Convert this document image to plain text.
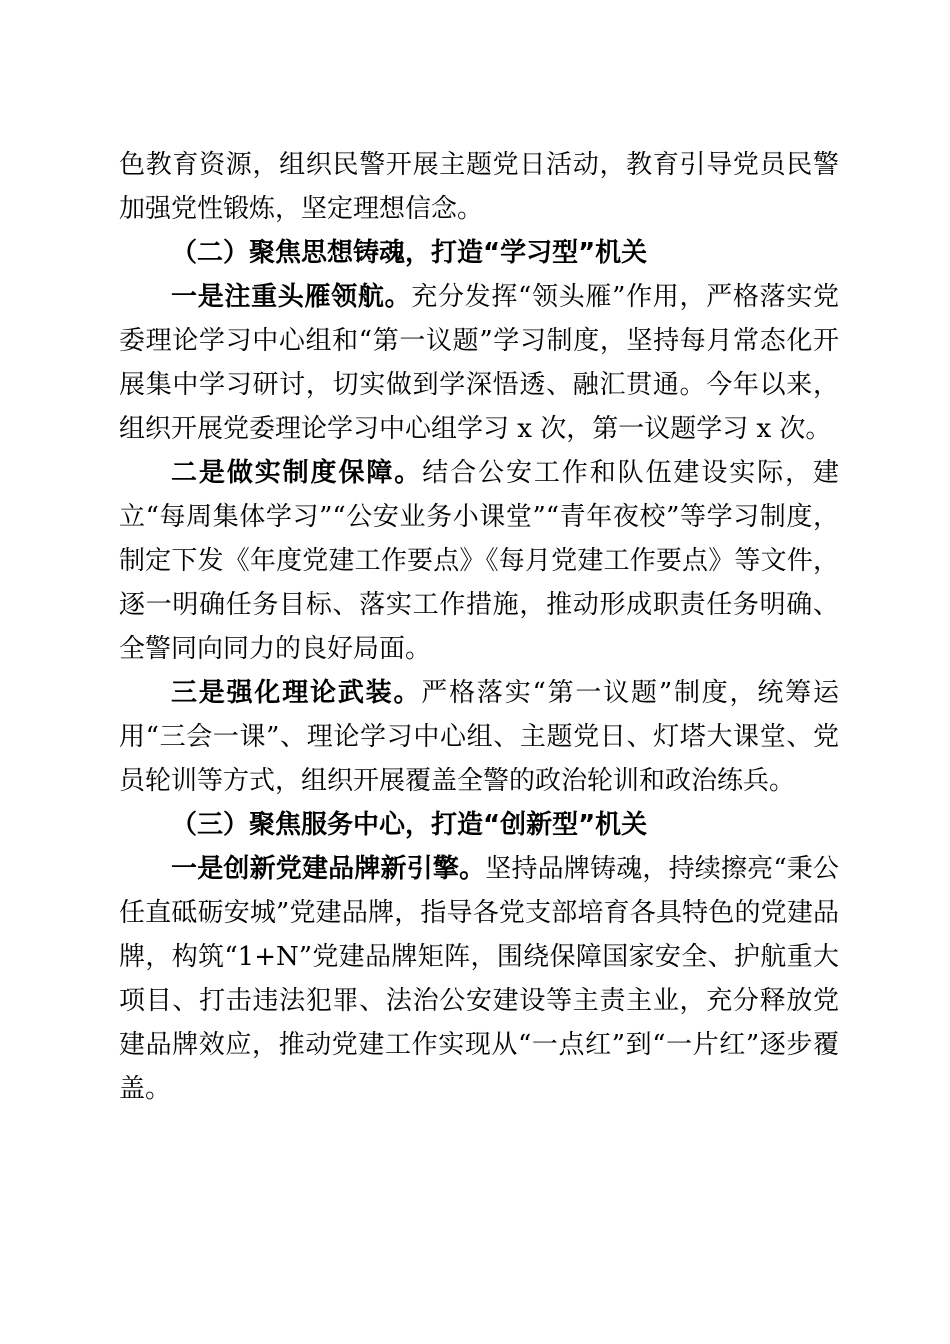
色教育资源，组织民警开展主题党日活动，教育引导党员民警加强党性锻炼，坚定理想信念。

（二）聚焦思想铸魂，打造“学习型”机关

一是注重头雁领航。充分发挥“领头雁”作用，严格落实党委理论学习中心组和“第一议题”学习制度，坚持每月常态化开展集中学习研讨，切实做到学深悟透、融汇贯通。今年以来，组织开展党委理论学习中心组学习 x 次，第一议题学习 x 次。

二是做实制度保障。结合公安工作和队伍建设实际，建立“每周集体学习”“公安业务小课堂”“青年夜校”等学习制度，制定下发《年度党建工作要点》《每月党建工作要点》等文件，逐一明确任务目标、落实工作措施，推动形成职责任务明确、全警同向同力的良好局面。

三是强化理论武装。严格落实“第一议题”制度，统筹运用“三会一课”、理论学习中心组、主题党日、灯塔大课堂、党员轮训等方式，组织开展覆盖全警的政治轮训和政治练兵。

（三）聚焦服务中心，打造“创新型”机关

一是创新党建品牌新引擎。坚持品牌铸魂，持续擦亮“秉公任直砥砺安城”党建品牌，指导各党支部培育各具特色的党建品牌，构筑“1+N”党建品牌矩阵，围绕保障国家安全、护航重大项目、打击违法犯罪、法治公安建设等主责主业，充分释放党建品牌效应，推动党建工作实现从“一点红”到“一片红”逐步覆盖。
